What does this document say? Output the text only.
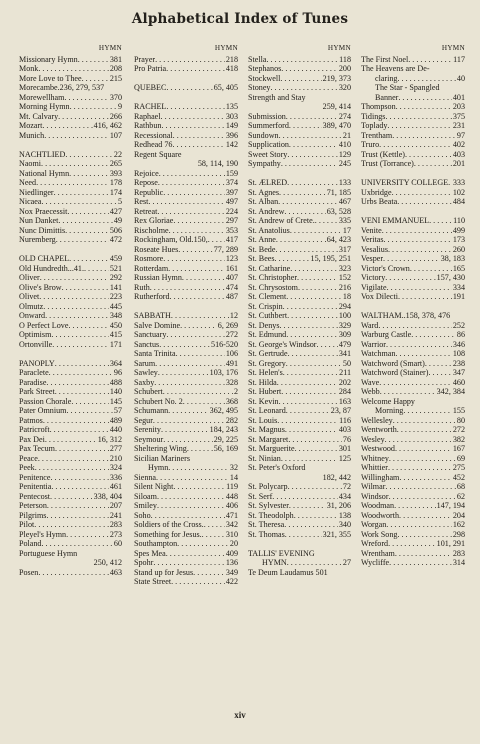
Alphabetical Index of Tunes
HYMN
Missionary Hymn . . .	381
Monk . . .	208
More Love to Thee . . .	215
Morecambe.236, 279, 537
Morewellham . . .	370
Morning Hymn . . .	9
Mt. Calvary . . .	266
Mozart . . .	416, 462
Munich . . .	107
NACHTLIED . . .	22
Naomi . . .	265
National Hymn . . .	393
Need . . .	178
Niedlinger . . .	174
Nicaea . . .	5
Nox Praecessit . . .	427
Nun Danket . . .	49
Nunc Dimittis . . .	506
Nuremberg . . .	472
OLD CHAPEL . . .	459
Old Hundredth...41. . . .	521
Oliver . . .	292
Olive's Brow . . .	141
Olivet . . .	223
Olmutz . . .	445
Onward . . .	348
O Perfect Love . . .	450
Optimism . . .	415
Ortonville . . .	171
PANOPLY . . .	364
Paraclete . . .	96
Paradise . . .	488
Park Street . . .	140
Passion Chorale . . .	145
Pater Omnium . . .	57
Patmos . . .	489
Patricroft . . .	440
Pax Dei . . .	16, 312
Pax Tecum . . .	277
Peace . . .	210
Peek . . .	324
Penitence . . .	336
Penitentia . . .	461
Pentecost . . .	338, 404
Peterson . . .	207
Pilgrims . . .	241
Pilot . . .	283
Pleyel's Hymn . . .	273
Poland . . .	60
Portuguese Hymn
250, 412
Posen . . .	463
HYMN
Prayer . . .	218
Pro Patria . . .	418
QUEBEC . . .	65, 405
RACHEL . . .	135
Raphael . . .	303
Rathbun . . .	149
Recessional . . .	396
Redhead 76 . . .	142
Regent Square
58, 114, 190
Rejoice . . .	159
Repose . . .	374
Republic . . .	397
Rest . . .	497
Retreat . . .	224
Rex Gloriae . . .	297
Rischolme . . .	353
Rockingham, Old.150, . . . 417
Roseate Hues . . .	77, 289
Rosmore . . .	123
Rotterdam . . .	161
Russian Hymn . . .	407
Ruth . . .	474
Rutherford . . .	487
SABBATH . . .	12
Salve Domine . . .	6, 269
Sanctuary . . .	272
Sanctus . . .	516-520
Santa Trinita . . .	106
Sarum . . .	491
Sawley . . .	103, 176
Saxby . . .	328
Schubert . . .	2
Schubert No. 2 . . .	368
Schumann . . .	362, 495
Segur . . .	282
Serenity . . .	184, 243
Seymour . . .	29, 225
Sheltering Wing . . .	56, 169
Sicilian Mariners
Hymn . . .	32
Sienna . . .	14
Silent Night . . .	119
Siloam . . .	448
Smiley . . .	406
Soho . . .	471
Soldiers of the Cross. . . .	342
Something for Jesus. . . .	310
Southampton . . .	20
Spes Mea . . .	409
Spohr . . .	136
Stand up for Jesus . . .	349
State Street . . .	422
HYMN
Stella . . .	118
Stephanos . . .	200
Stockwell . . .	219, 373
Stoney . . .	320
Strength and Stay
259, 414
Submission . . .	274
Summerford . . .	389, 470
Sundown . . .	21
Supplication . . .	410
Sweet Story . . .	129
Sympathy . . .	245
St. ÆLRED . . .	133
St. Agnes . . .	71, 185
St. Alban . . .	467
St. Andrew . . .	63, 528
St. Andrew of Crete. . . .	335
St. Anatolius . . .	17
St. Anne . . .	64, 423
St. Bede . . .	317
St. Bees . . .	15, 195, 251
St. Catharine . . .	323
St. Christopher . . .	152
St. Chrysostom . . .	216
St. Clement . . .	18
St. Crispin . . .	294
St. Cuthbert . . .	100
St. Denys . . .	329
St. Edmund . . .	309
St. George's Windsor . . .	479
St. Gertrude . . .	341
St. Gregory . . .	50
St. Helen's . . .	211
St. Hilda . . .	202
St. Hubert . . .	284
St. Kevin . . .	163
St. Leonard . . .	23, 87
St. Louis . . .	116
St. Magnus . . .	403
St. Margaret . . .	76
St. Marguerite . . .	301
St. Ninian . . .	125
St. Peter's Oxford
182, 442
St. Polycarp . . .	72
St. Serf . . .	434
St. Sylvester . . .	31, 206
St. Theodolph . . .	138
St. Theresa . . .	340
St. Thomas . . .	321, 355
TALLIS' EVENING
HYMN . . .	27
Te Deum Laudamus 501
HYMN
The First Noel . . .	117
The Heavens are De-
claring . . .	40
The Star - Spangled
Banner . . .	401
Thompson . . .	203
Tidings . . .	375
Toplady . . .	231
Trentham . . .	97
Truro . . .	402
Trust (Kettle) . . .	403
Trust (Torrance) . . .	201
UNIVERSITY COLLEGE . . . 333
Uxbridge . . .	102
Urbs Beata . . .	484
VENI EMMANUEL . . .	110
Venite . . .	499
Veritas . . .	173
Vesalius . . .	260
Vesper . . .	38, 183
Victor's Crown . . .	165
Victory . . .	157, 430
Vigilate . . .	334
Vox Dilecti . . .	191
WALTHAM..158, 378, 476
Ward . . .	252
Warburg Castle . . .	86
Warrior . . .	346
Watchman . . .	108
Watchword (Smart) . . .	238
Watchword (Stainer) . . .	347
Wave . . .	460
Webb . . .	342, 384
Welcome Happy
Morning . . .	155
Wellesley . . .	80
Wentworth . . .	272
Wesley . . .	382
Westwood . . .	167
Whitney . . .	69
Whittier . . .	275
Willingham . . .	452
Wilmar . . .	68
Windsor . . .	62
Woodman . . .	147, 194
Woodworth . . .	204
Worgan . . .	162
Work Song . . .	298
Wreford . . .	101, 291
Wrentham . . .	283
Wycliffe . . .	314
xiv
